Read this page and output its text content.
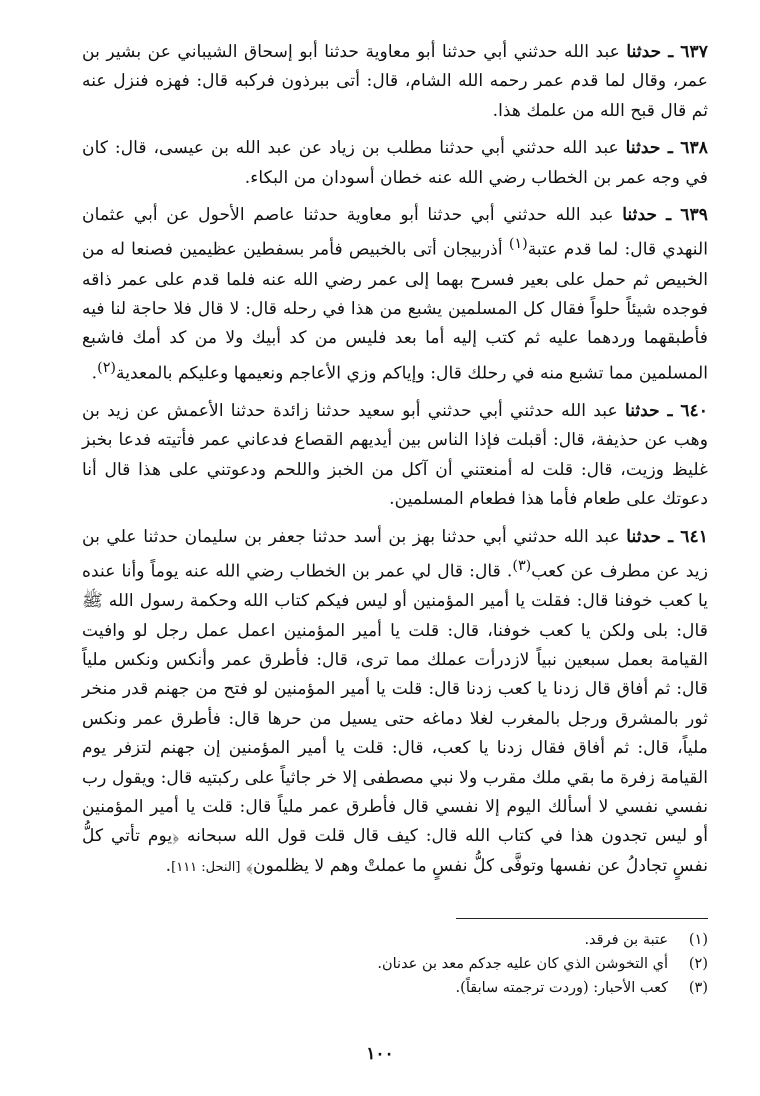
٦٣٧ ـ حدثنا عبد الله حدثني أبي حدثنا أبو معاوية حدثنا أبو إسحاق الشيباني عن بشير بن عمر، وقال لما قدم عمر رحمه الله الشام، قال: أتى ببرذون فركبه قال: فهزه فنزل عنه ثم قال قبح الله من علمك هذا.

٦٣٨ ـ حدثنا عبد الله حدثني أبي حدثنا مطلب بن زياد عن عبد الله بن عيسى، قال: كان في وجه عمر بن الخطاب رضي الله عنه خطان أسودان من البكاء.

٦٣٩ ـ حدثنا عبد الله حدثني أبي حدثنا أبو معاوية حدثنا عاصم الأحول عن أبي عثمان النهدي قال: لما قدم عتبة$^{(١)}$ أذربيجان أتى بالخبيص فأمر بسفطين عظيمين فصنعا له من الخبيص ثم حمل على بعير فسرح بهما إلى عمر رضي الله عنه فلما قدم على عمر ذاقه فوجده شيئاً حلواً فقال كل المسلمين يشبع من هذا في رحله قال: لا قال فلا حاجة لنا فيه فأطبقهما وردهما عليه ثم كتب إليه أما بعد فليس من كد أبيك ولا من كد أمك فاشبع المسلمين مما تشبع منه في رحلك قال: وإياكم وزي الأعاجم ونعيمها وعليكم بالمعدية$^{(٢)}$.

٦٤٠ ـ حدثنا عبد الله حدثني أبي حدثني أبو سعيد حدثنا زائدة حدثنا الأعمش عن زيد بن وهب عن حذيفة، قال: أقبلت فإذا الناس بين أيديهم القصاع فدعاني عمر فأتيته فدعا بخبز غليظ وزيت، قال: قلت له أمنعتني أن آكل من الخبز واللحم ودعوتني على هذا قال أنا دعوتك على طعام فأما هذا فطعام المسلمين.

٦٤١ ـ حدثنا عبد الله حدثني أبي حدثنا بهز بن أسد حدثنا جعفر بن سليمان حدثنا علي بن زيد عن مطرف عن كعب$^{(٣)}$. قال: قال لي عمر بن الخطاب رضي الله عنه يوماً وأنا عنده يا كعب خوفنا قال: فقلت يا أمير المؤمنين أو ليس فيكم كتاب الله وحكمة رسول الله ﷺ قال: بلى ولكن يا كعب خوفنا، قال: قلت يا أمير المؤمنين اعمل عمل رجل لو وافيت القيامة بعمل سبعين نبياً لازدرأت عملك مما ترى، قال: فأطرق عمر وأنكس ونكس ملياً قال: ثم أفاق قال زدنا يا كعب زدنا قال: قلت يا أمير المؤمنين لو فتح من جهنم قدر منخر ثور بالمشرق ورجل بالمغرب لغلا دماغه حتى يسيل من حرها قال: فأطرق عمر ونكس ملياً، قال: ثم أفاق فقال زدنا يا كعب، قال: قلت يا أمير المؤمنين إن جهنم لتزفر يوم القيامة زفرة ما بقي ملك مقرب ولا نبي مصطفى إلا خر جاثياً على ركبتيه قال: ويقول رب نفسي نفسي لا أسألك اليوم إلا نفسي قال فأطرق عمر ملياً قال: قلت يا أمير المؤمنين أو ليس تجدون هذا في كتاب الله قال: كيف قال قلت قول الله سبحانه ﴿يوم تأتي كلُّ نفسٍ تجادلُ عن نفسها وتوفَّى كلُّ نفسٍ ما عملتْ وهم لا يظلمون﴾ [النحل: ١١١].

(١)
عتبة بن فرقد.
(٢)
أي التخوشن الذي كان عليه جدكم معد بن عدنان.
(٣)
كعب الأحبار: (وردت ترجمته سابقاً).
١٠٠
